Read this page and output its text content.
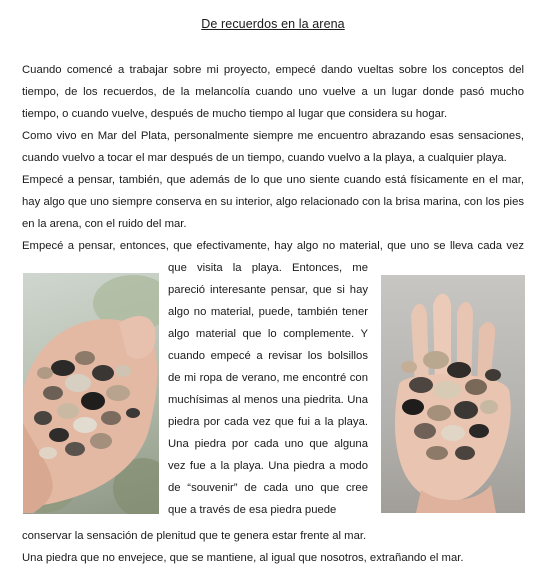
De recuerdos en la arena

Cuando comencé a trabajar sobre mi proyecto, empecé dando vueltas sobre los conceptos del tiempo, de los recuerdos, de la melancolía cuando uno vuelve a un lugar donde pasó mucho tiempo, o cuando vuelve, después de mucho tiempo al lugar que considera su hogar.

Como vivo en Mar del Plata, personalmente siempre me encuentro abrazando esas sensaciones, cuando vuelvo a tocar el mar después de un tiempo, cuando vuelvo a la playa, a cualquier playa.

Empecé a pensar, también, que además de lo que uno siente cuando está físicamente en el mar, hay algo que uno siempre conserva en su interior, algo relacionado con la brisa marina, con los pies en la arena, con el ruido del mar.

Empecé a pensar, entonces, que efectivamente, hay algo no material, que uno se lleva cada vez

que visita la playa. Entonces, me pareció interesante pensar, que si hay algo no material, puede, también tener algo material que lo complemente. Y cuando empecé a revisar los bolsillos de mi ropa de verano, me encontré con muchísimas al menos una piedrita. Una piedra por cada vez que fui a la playa. Una piedra por cada uno que alguna vez fue a la playa. Una piedra a modo de “souvenir” de cada uno que cree que a través de esa piedra puede

conservar la sensación de plenitud que te genera estar frente al mar.

Una piedra que no envejece, que se mantiene, al igual que nosotros, extrañando el mar.
